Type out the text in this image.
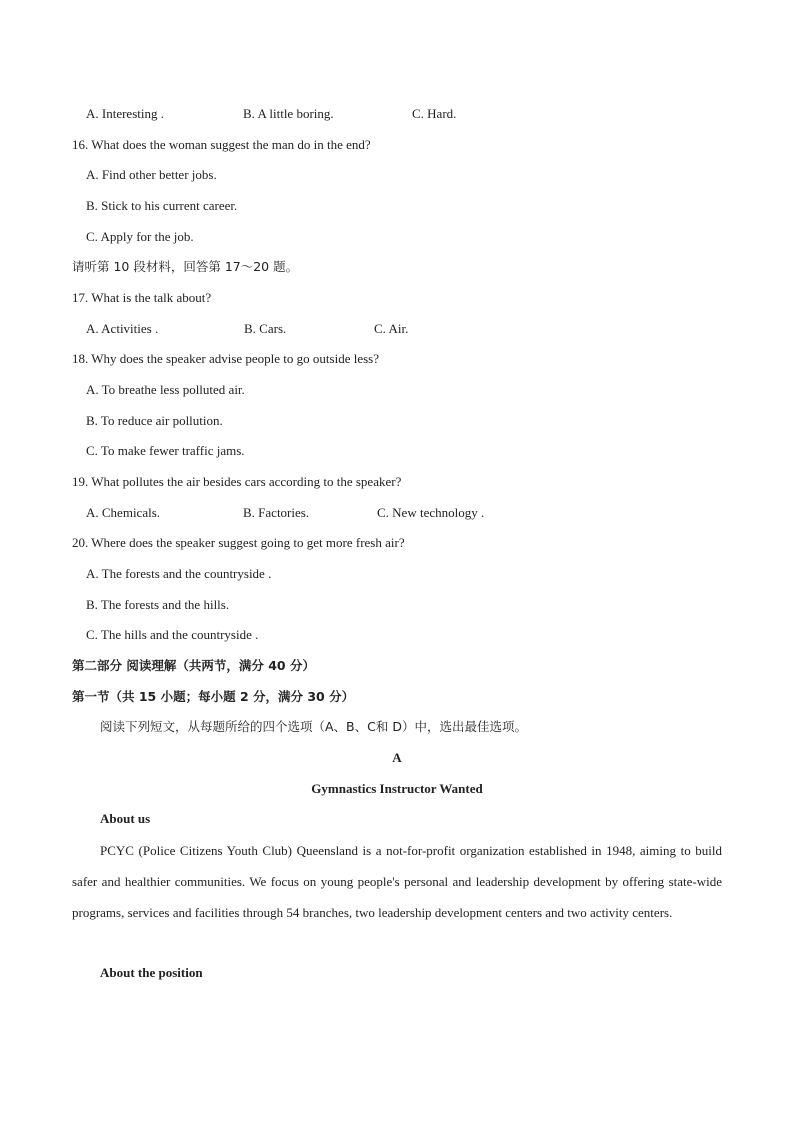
A. Interesting .	B. A little boring.	C. Hard.
16. What does the woman suggest the man do in the end?
A. Find other better jobs.
B. Stick to his current career.
C. Apply for the job.
请听第 10 段材料，回答第 17～20 题。
17. What is the talk about?
A. Activities .	B. Cars.	C. Air.
18. Why does the speaker advise people to go outside less?
A. To breathe less polluted air.
B. To reduce air pollution.
C. To make fewer traffic jams.
19. What pollutes the air besides cars according to the speaker?
A. Chemicals.	B. Factories.	C. New technology .
20. Where does the speaker suggest going to get more fresh air?
A. The forests and the countryside .
B. The forests and the hills.
C. The hills and the countryside .
第二部分 阅读理解（共两节，满分 40 分）
第一节（共 15 小题；每小题 2 分，满分 30 分）
阅读下列短文，从每题所给的四个选项（A、B、C和 D）中，选出最佳选项。
A
Gymnastics Instructor Wanted
About us
PCYC (Police Citizens Youth Club) Queensland is a not-for-profit organization established in 1948, aiming to build safer and healthier communities. We focus on young people's personal and leadership development by offering state-wide programs, services and facilities through 54 branches, two leadership development centers and two activity centers.
About the position
